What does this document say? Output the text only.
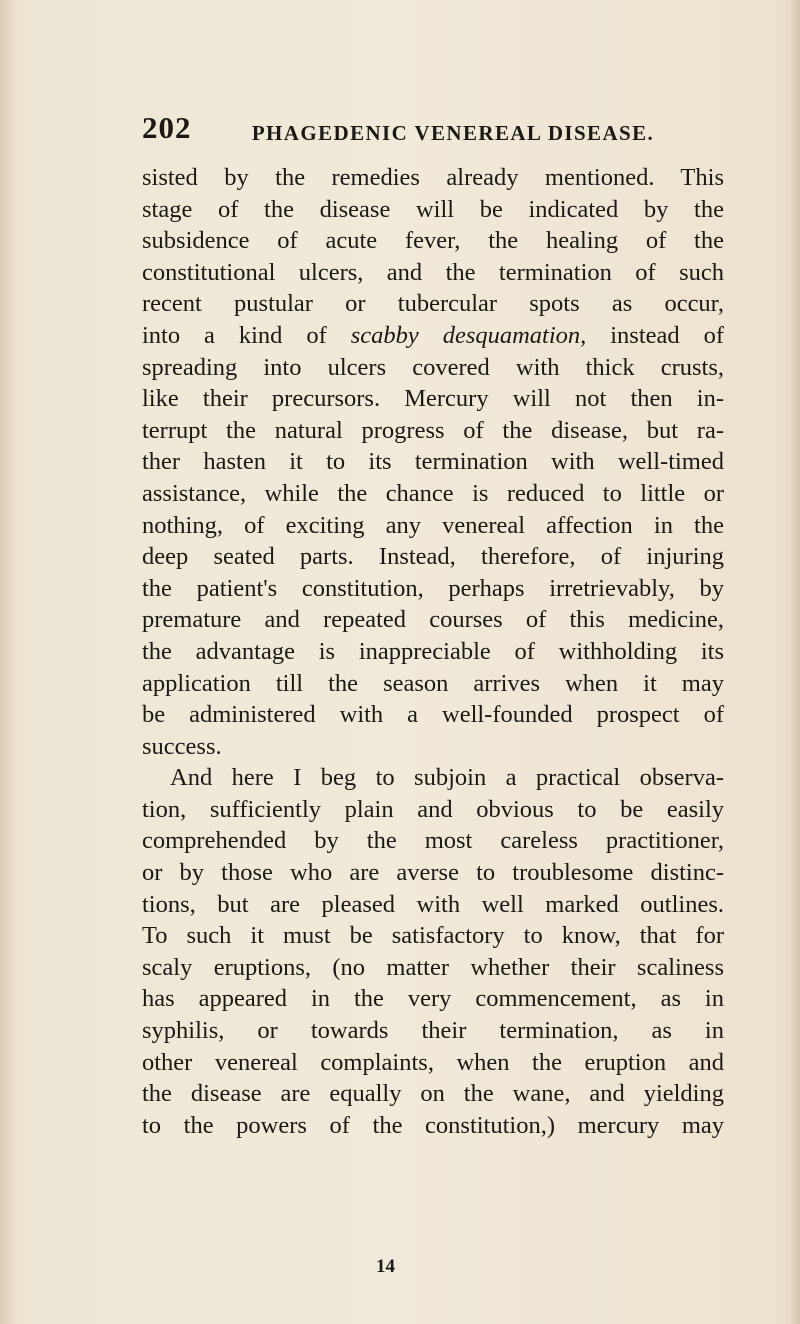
202	PHAGEDENIC VENEREAL DISEASE.
sisted by the remedies already mentioned. This
stage of the disease will be indicated by the
subsidence of acute fever, the healing of the
constitutional ulcers, and the termination of such
recent pustular or tubercular spots as occur,
into a kind of scabby desquamation, instead of
spreading into ulcers covered with thick crusts,
like their precursors. Mercury will not then in-
terrupt the natural progress of the disease, but ra-
ther hasten it to its termination with well-timed
assistance, while the chance is reduced to little or
nothing, of exciting any venereal affection in the
deep seated parts. Instead, therefore, of injuring
the patient's constitution, perhaps irretrievably, by
premature and repeated courses of this medicine,
the advantage is inappreciable of withholding its
application till the season arrives when it may
be administered with a well-founded prospect of
success.
And here I beg to subjoin a practical observa-
tion, sufficiently plain and obvious to be easily
comprehended by the most careless practitioner,
or by those who are averse to troublesome distinc-
tions, but are pleased with well marked outlines.
To such it must be satisfactory to know, that for
scaly eruptions, (no matter whether their scaliness
has appeared in the very commencement, as in
syphilis, or towards their termination, as in
other venereal complaints, when the eruption and
the disease are equally on the wane, and yielding
to the powers of the constitution,) mercury may
14
